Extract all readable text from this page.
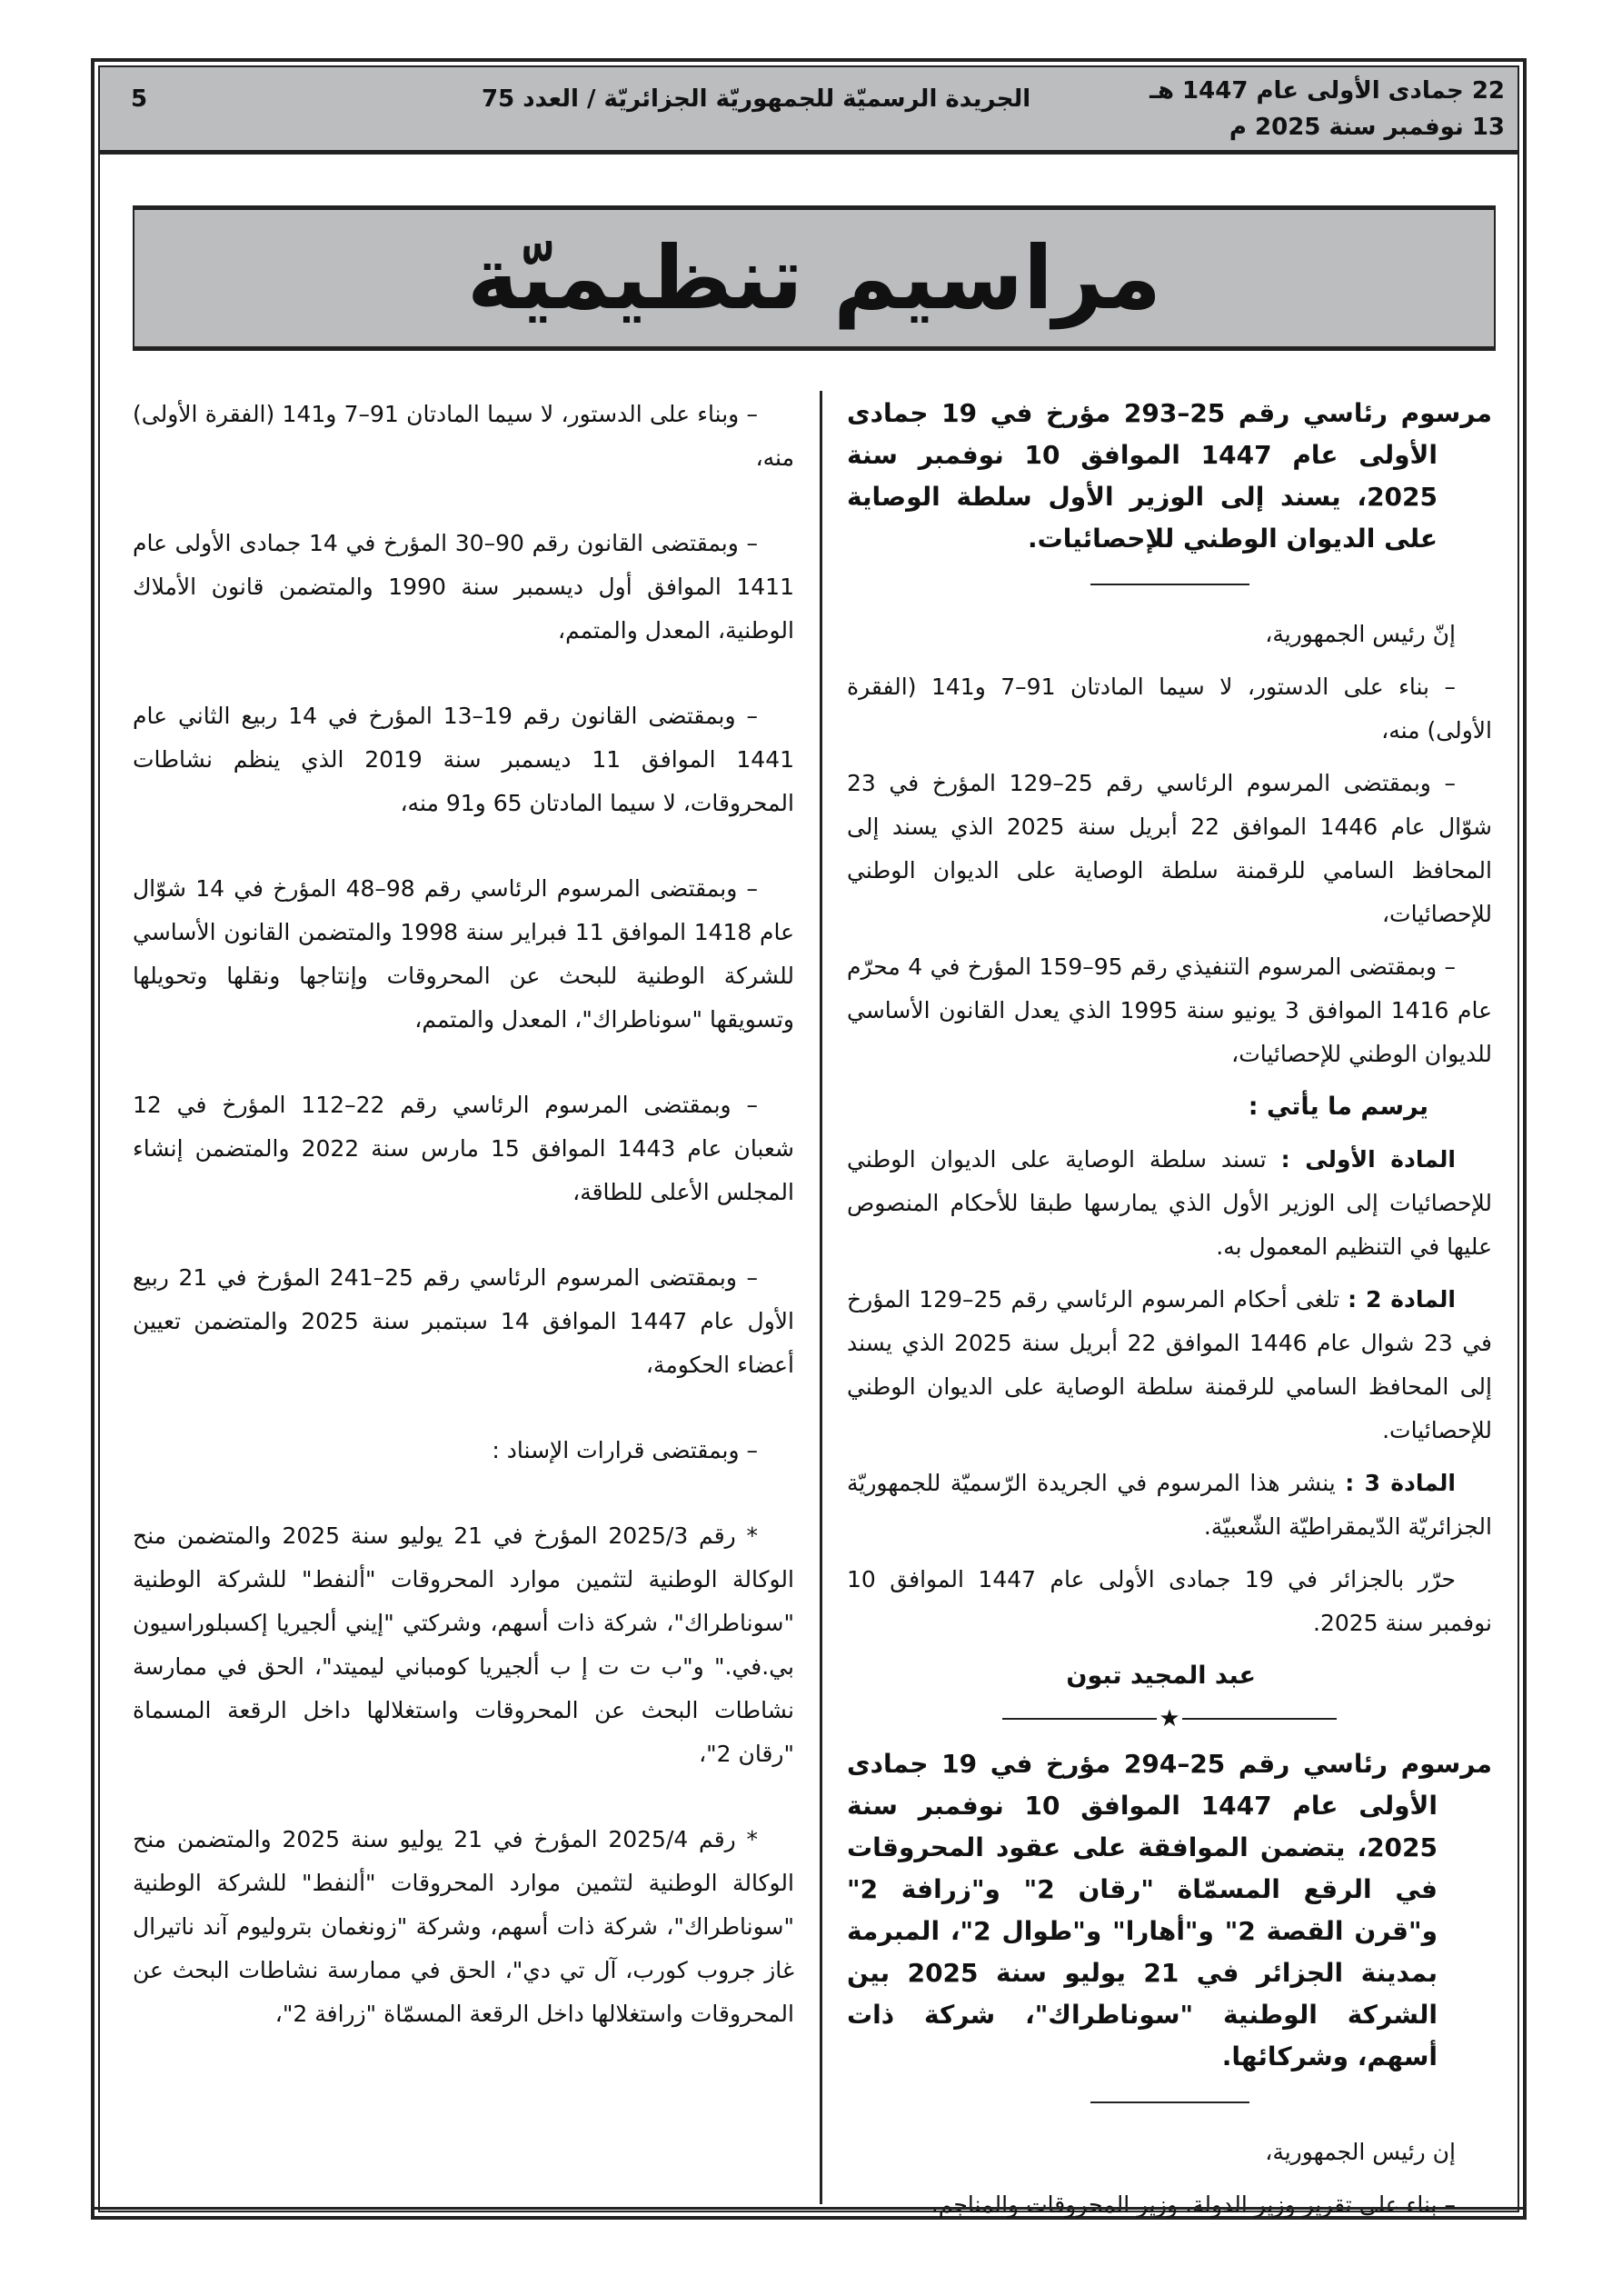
22 جمادى الأولى عام 1447 هـ
13 نوفمبر سنة 2025 م
الجريدة الرسميّة للجمهوريّة الجزائريّة / العدد 75
5
مراسيم تنظيميّة

مرسوم رئاسي رقم 25–293 مؤرخ في 19 جمادى الأولى عام 1447 الموافق 10 نوفمبر سنة 2025، يسند إلى الوزير الأول سلطة الوصاية على الديوان الوطني للإحصائيات.

إنّ رئيس الجمهورية،

– بناء على الدستور، لا سيما المادتان 91–7 و141 (الفقرة الأولى) منه،

– وبمقتضى المرسوم الرئاسي رقم 25–129 المؤرخ في 23 شوّال عام 1446 الموافق 22 أبريل سنة 2025 الذي يسند إلى المحافظ السامي للرقمنة سلطة الوصاية على الديوان الوطني للإحصائيات،

– وبمقتضى المرسوم التنفيذي رقم 95–159 المؤرخ في 4 محرّم عام 1416 الموافق 3 يونيو سنة 1995 الذي يعدل القانون الأساسي للديوان الوطني للإحصائيات،

يرسم ما يأتي :

المادة الأولى : تسند سلطة الوصاية على الديوان الوطني للإحصائيات إلى الوزير الأول الذي يمارسها طبقا للأحكام المنصوص عليها في التنظيم المعمول به.

المادة 2 : تلغى أحكام المرسوم الرئاسي رقم 25–129 المؤرخ في 23 شوال عام 1446 الموافق 22 أبريل سنة 2025 الذي يسند إلى المحافظ السامي للرقمنة سلطة الوصاية على الديوان الوطني للإحصائيات.

المادة 3 : ينشر هذا المرسوم في الجريدة الرّسميّة للجمهوريّة الجزائريّة الدّيمقراطيّة الشّعبيّة.

حرّر بالجزائر في 19 جمادى الأولى عام 1447 الموافق 10 نوفمبر سنة 2025.

عبد المجيد تبون

★

مرسوم رئاسي رقم 25–294 مؤرخ في 19 جمادى الأولى عام 1447 الموافق 10 نوفمبر سنة 2025، يتضمن الموافقة على عقود المحروقات في الرقع المسمّاة "رقان 2" و"زرافة 2" و"قرن القصة 2" و"أهارا" و"طوال 2"، المبرمة بمدينة الجزائر في 21 يوليو سنة 2025 بين الشركة الوطنية "سوناطراك"، شركة ذات أسهم، وشركائها.

إن رئيس الجمهورية،

– بناء على تقرير وزير الدولة، وزير المحروقات والمناجم،

– وبناء على الدستور، لا سيما المادتان 91–7 و141 (الفقرة الأولى) منه،

– وبمقتضى القانون رقم 90–30 المؤرخ في 14 جمادى الأولى عام 1411 الموافق أول ديسمبر سنة 1990 والمتضمن قانون الأملاك الوطنية، المعدل والمتمم،

– وبمقتضى القانون رقم 19–13 المؤرخ في 14 ربيع الثاني عام 1441 الموافق 11 ديسمبر سنة 2019 الذي ينظم نشاطات المحروقات، لا سيما المادتان 65 و91 منه،

– وبمقتضى المرسوم الرئاسي رقم 98–48 المؤرخ في 14 شوّال عام 1418 الموافق 11 فبراير سنة 1998 والمتضمن القانون الأساسي للشركة الوطنية للبحث عن المحروقات وإنتاجها ونقلها وتحويلها وتسويقها "سوناطراك"، المعدل والمتمم،

– وبمقتضى المرسوم الرئاسي رقم 22–112 المؤرخ في 12 شعبان عام 1443 الموافق 15 مارس سنة 2022 والمتضمن إنشاء المجلس الأعلى للطاقة،

– وبمقتضى المرسوم الرئاسي رقم 25–241 المؤرخ في 21 ربيع الأول عام 1447 الموافق 14 سبتمبر سنة 2025 والمتضمن تعيين أعضاء الحكومة،

– وبمقتضى قرارات الإسناد :

* رقم 2025/3 المؤرخ في 21 يوليو سنة 2025 والمتضمن منح الوكالة الوطنية لتثمين موارد المحروقات "ألنفط" للشركة الوطنية "سوناطراك"، شركة ذات أسهم، وشركتي "إيني ألجيريا إكسبلوراسيون بي.في." و"ب ت ت إ ب ألجيريا كومباني ليميتد"، الحق في ممارسة نشاطات البحث عن المحروقات واستغلالها داخل الرقعة المسماة "رقان 2"،

* رقم 2025/4 المؤرخ في 21 يوليو سنة 2025 والمتضمن منح الوكالة الوطنية لتثمين موارد المحروقات "ألنفط" للشركة الوطنية "سوناطراك"، شركة ذات أسهم، وشركة "زونغمان بتروليوم آند ناتيرال غاز جروب كورب، آل تي دي"، الحق في ممارسة نشاطات البحث عن المحروقات واستغلالها داخل الرقعة المسمّاة "زرافة 2"،
